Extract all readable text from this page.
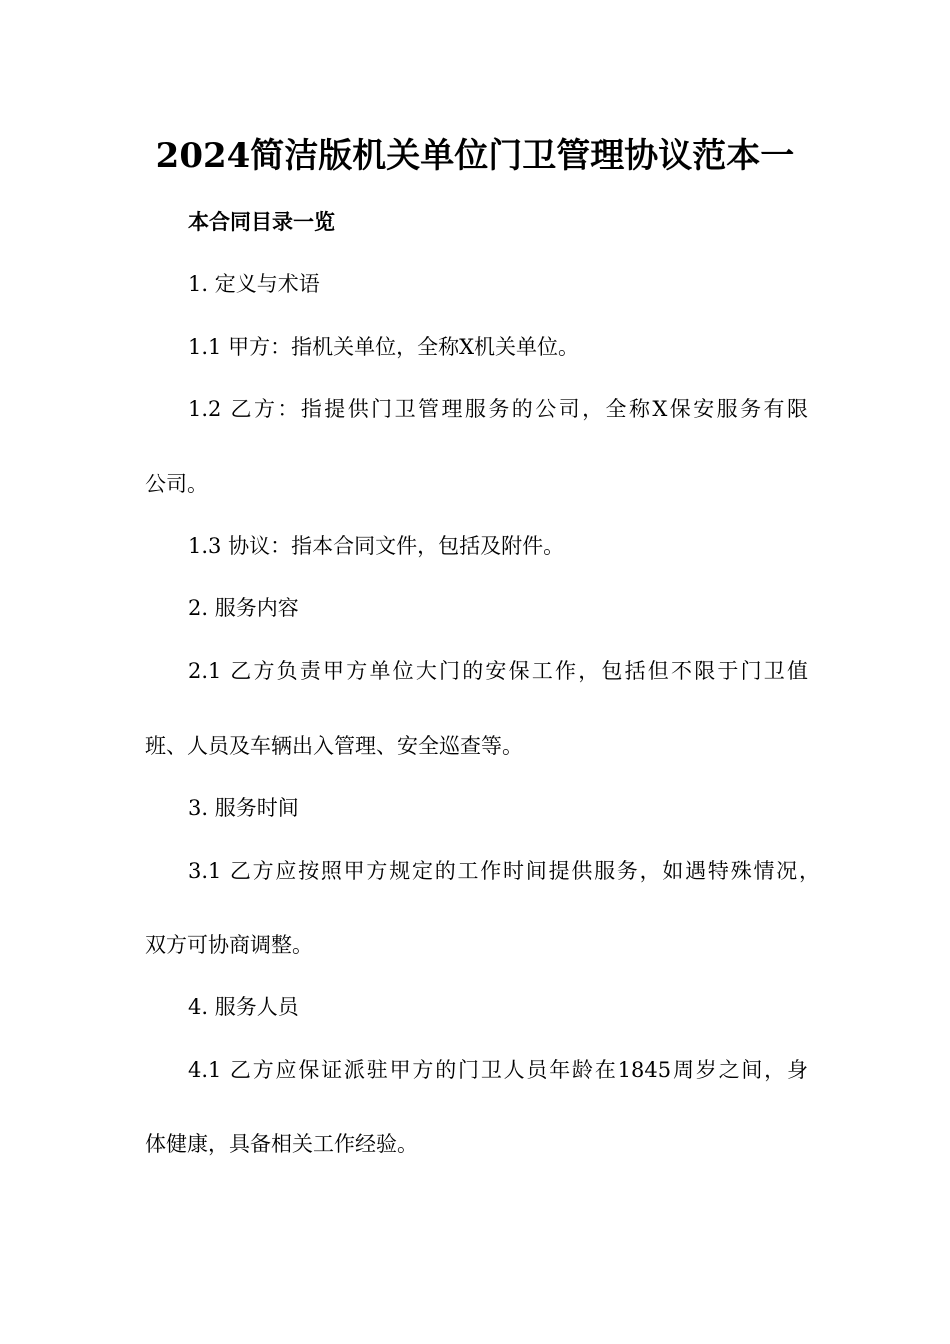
2024简洁版机关单位门卫管理协议范本一
本合同目录一览
1. 定义与术语
1.1 甲方：指机关单位，全称X机关单位。
1.2 乙方：指提供门卫管理服务的公司，全称X保安服务有限
公司。
1.3 协议：指本合同文件，包括及附件。
2. 服务内容
2.1 乙方负责甲方单位大门的安保工作，包括但不限于门卫值
班、人员及车辆出入管理、安全巡查等。
3. 服务时间
3.1 乙方应按照甲方规定的工作时间提供服务，如遇特殊情况，
双方可协商调整。
4. 服务人员
4.1 乙方应保证派驻甲方的门卫人员年龄在1845周岁之间，身
体健康，具备相关工作经验。
